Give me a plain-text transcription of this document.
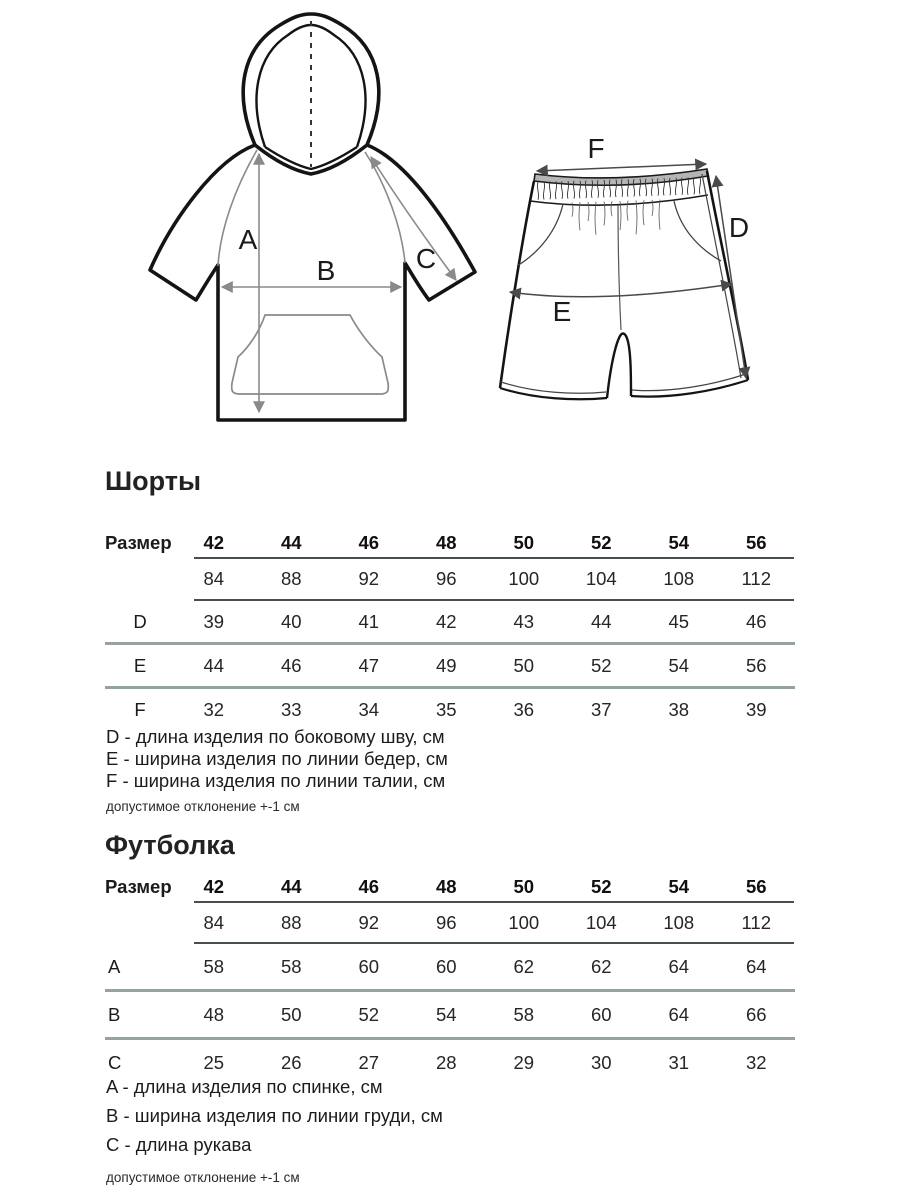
A
B	C
F
D
E
Шорты
Размер	42	44	46	48	50	52	54	56
84	88	92	96	100	104	108	112
D	39	40	41	42	43	44	45	46
E	44	46	47	49	50	52	54	56
F	32	33	34	35	36	37	38	39
D - длина изделия по боковому шву, см
E - ширина изделия по линии бедер, см
F - ширина изделия по линии талии, см

допустимое отклонение +-1 см

Футболка
Размер	42	44	46	48	50	52	54	56
84	88	92	96	100	104	108	112
A	58	58	60	60	62	62	64	64
B	48	50	52	54	58	60	64	66
C	25	26	27	28	29	30	31	32
A - длина изделия по спинке, см
B - ширина изделия по линии груди, см
C - длина рукава

допустимое отклонение +-1 см
